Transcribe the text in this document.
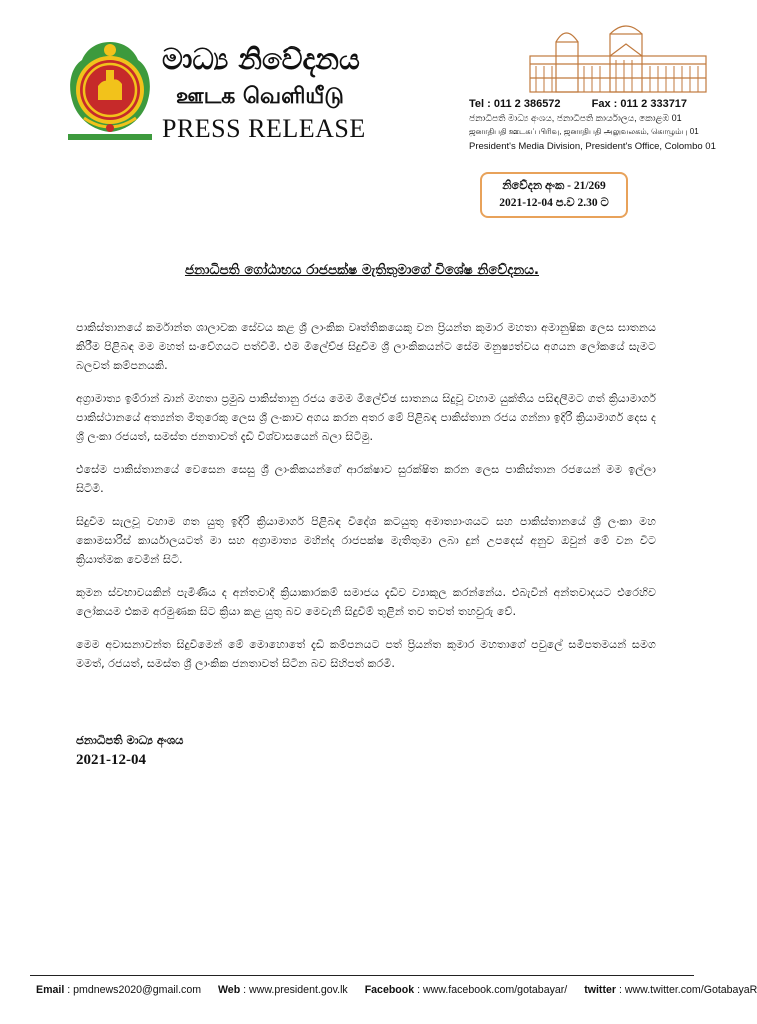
මාධ්‍ය නිවේදනය
ஊடக வெளியீடு
PRESS RELEASE
Tel : 011 2 386572	Fax : 011 2 333717
ජනාධිපති මාධ්‍ය අංශය, ජනාධිපති කාර්යාලය, කොළඹ 01
ஜனாதிபதி ஊடகப் பிரிவு, ஜனாதிபதி அலுவலகம், கொழும்பு 01
President's Media Division, President's Office, Colombo 01
නිවේදන අංක - 21/269
2021-12-04 ප.ව 2.30 ට
ජනාධිපති ගෝඨාභය රාජපක්ෂ මැතිතුමාගේ විශේෂ නිවේදනය.

පාකිස්තානයේ කර්මාන්ත ශාලාවක සේවය කළ ශ්‍රී ලාංකික වෘත්තිකයෙකු වන ප්‍රියන්ත කුමාර මහතා අමානුෂික ලෙස ඝාතනය කිරීම පිළිබඳ මම මහත් සංවේගයට පත්වීමි. එම මිලේච්ඡ සිදුවීම ශ්‍රී ලාංකිකයන්ට සේම මනුෂ්‍යත්වය අගයන ලෝකයේ සැමට බලවත් කම්පනයකි.

අග්‍රාමාත්‍ය ඉම්රාන් ඛාන් මහතා ප්‍රමුඛ පාකිස්තානු රජය මෙම මිලේච්ඡ ඝාතනය සිදුවූ වහාම යුක්තිය පසිඳලීමට ගත් ක්‍රියාමාර්ග පාකිස්ථානයේ අත්‍යන්ත මිතුරෙකු ලෙස ශ්‍රී ලංකාව අගය කරන අතර මේ පිළිබඳ පාකිස්තාන රජය ගන්නා ඉදිරි ක්‍රියාමාර්ග දෙස ද ශ්‍රී ලංකා රජයත්, සමස්ත ජනතාවත් දැඩි විශ්වාසයෙන් බලා සිටිමු.

එසේම පාකිස්තානයේ වෙසෙන සෙසු ශ්‍රී ලාංකිකයන්ගේ ආරක්ෂාව සුරක්ෂිත කරන ලෙස පාකිස්තාන රජයෙන් මම ඉල්ලා සිටිමි.

සිදුවීම සැලවූ වහාම ගත යුතු ඉදිරි ක්‍රියාමාර්ග පිළිබඳ විදේශ කටයුතු අමාත්‍යාංශයට සහ පාකිස්තානයේ ශ්‍රී ලංකා මහ කොමසාරිස් කාර්යාලයටත් මා සහ අග්‍රාමාත්‍ය මහින්ද රාජපක්ෂ මැතිතුමා ලබා දුන් උපදෙස් අනුව ඔවුන් මේ වන විට ක්‍රියාත්මක වෙමින් සිටී.

කුමන ස්වභාවයකින් පැමිණිය ද අන්තවාදී ක්‍රියාකාරකම් සමාජය දැඩිව ව්‍යාකූල කරන්නේය. එබැවින් අන්තවාදයට එරෙහිව ලෝකයම එකම අරමුණක සිට ක්‍රියා කළ යුතු බව මෙවැනි සිදුවීම් තුළින් තව තවත් තහවුරු වේ.

මෙම අවාසනාවන්ත සිදුවීමෙන් මේ මොහොතේ දැඩි කම්පනයට පත් ප්‍රියන්ත කුමාර මහතාගේ පවුලේ සමීපතමයන් සමග මමත්, රජයත්, සමස්ත ශ්‍රී ලාංකික ජනතාවත් සිටින බව සිහිපත් කරමි.

ජනාධිපති මාධ්‍ය අංශය
2021-12-04
Email : pmdnews2020@gmail.com Web : www.president.gov.lk Facebook : www.facebook.com/gotabayar/ twitter : www.twitter.com/GotabayaR
